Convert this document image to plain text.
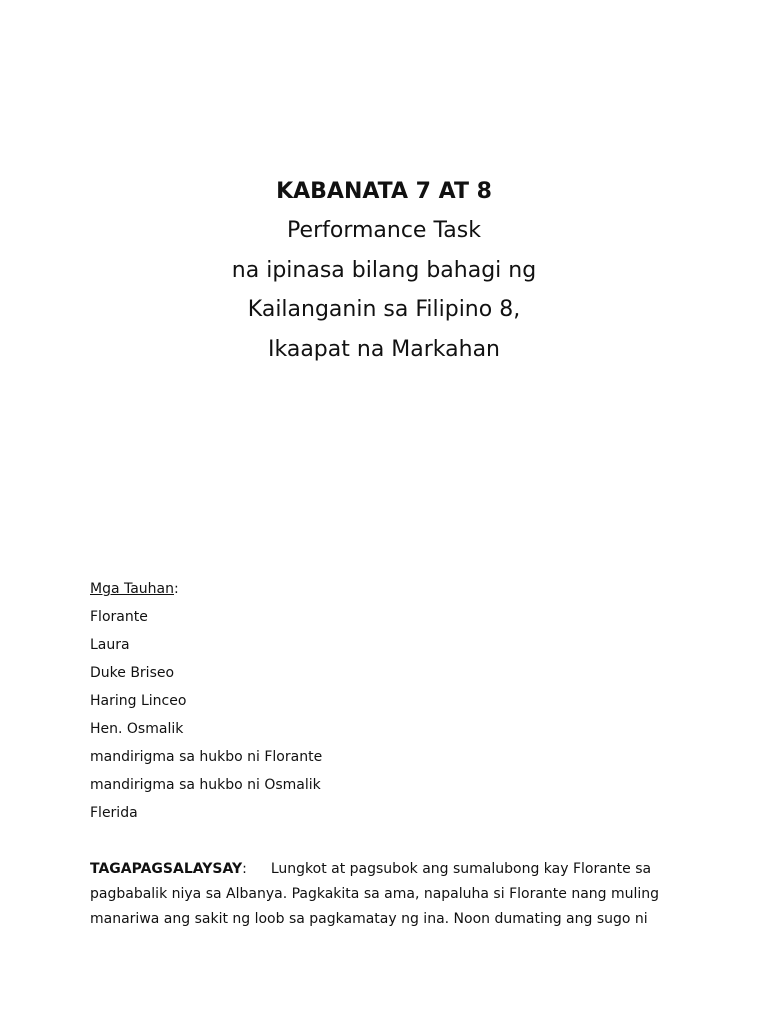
KABANATA 7 AT 8
Performance Task
na ipinasa bilang bahagi ng
Kailanganin sa Filipino 8,
Ikaapat na Markahan
Mga Tauhan:
Florante
Laura
Duke Briseo
Haring Linceo
Hen. Osmalik
mandirigma sa hukbo ni Florante
mandirigma sa hukbo ni Osmalik
Flerida
TAGAPAGSALAYSAY: Lungkot at pagsubok ang sumalubong kay Florante sa pagbabalik niya sa Albanya. Pagkakita sa ama, napaluha si Florante nang muling manariwa ang sakit ng loob sa pagkamatay ng ina. Noon dumating ang sugo ni
